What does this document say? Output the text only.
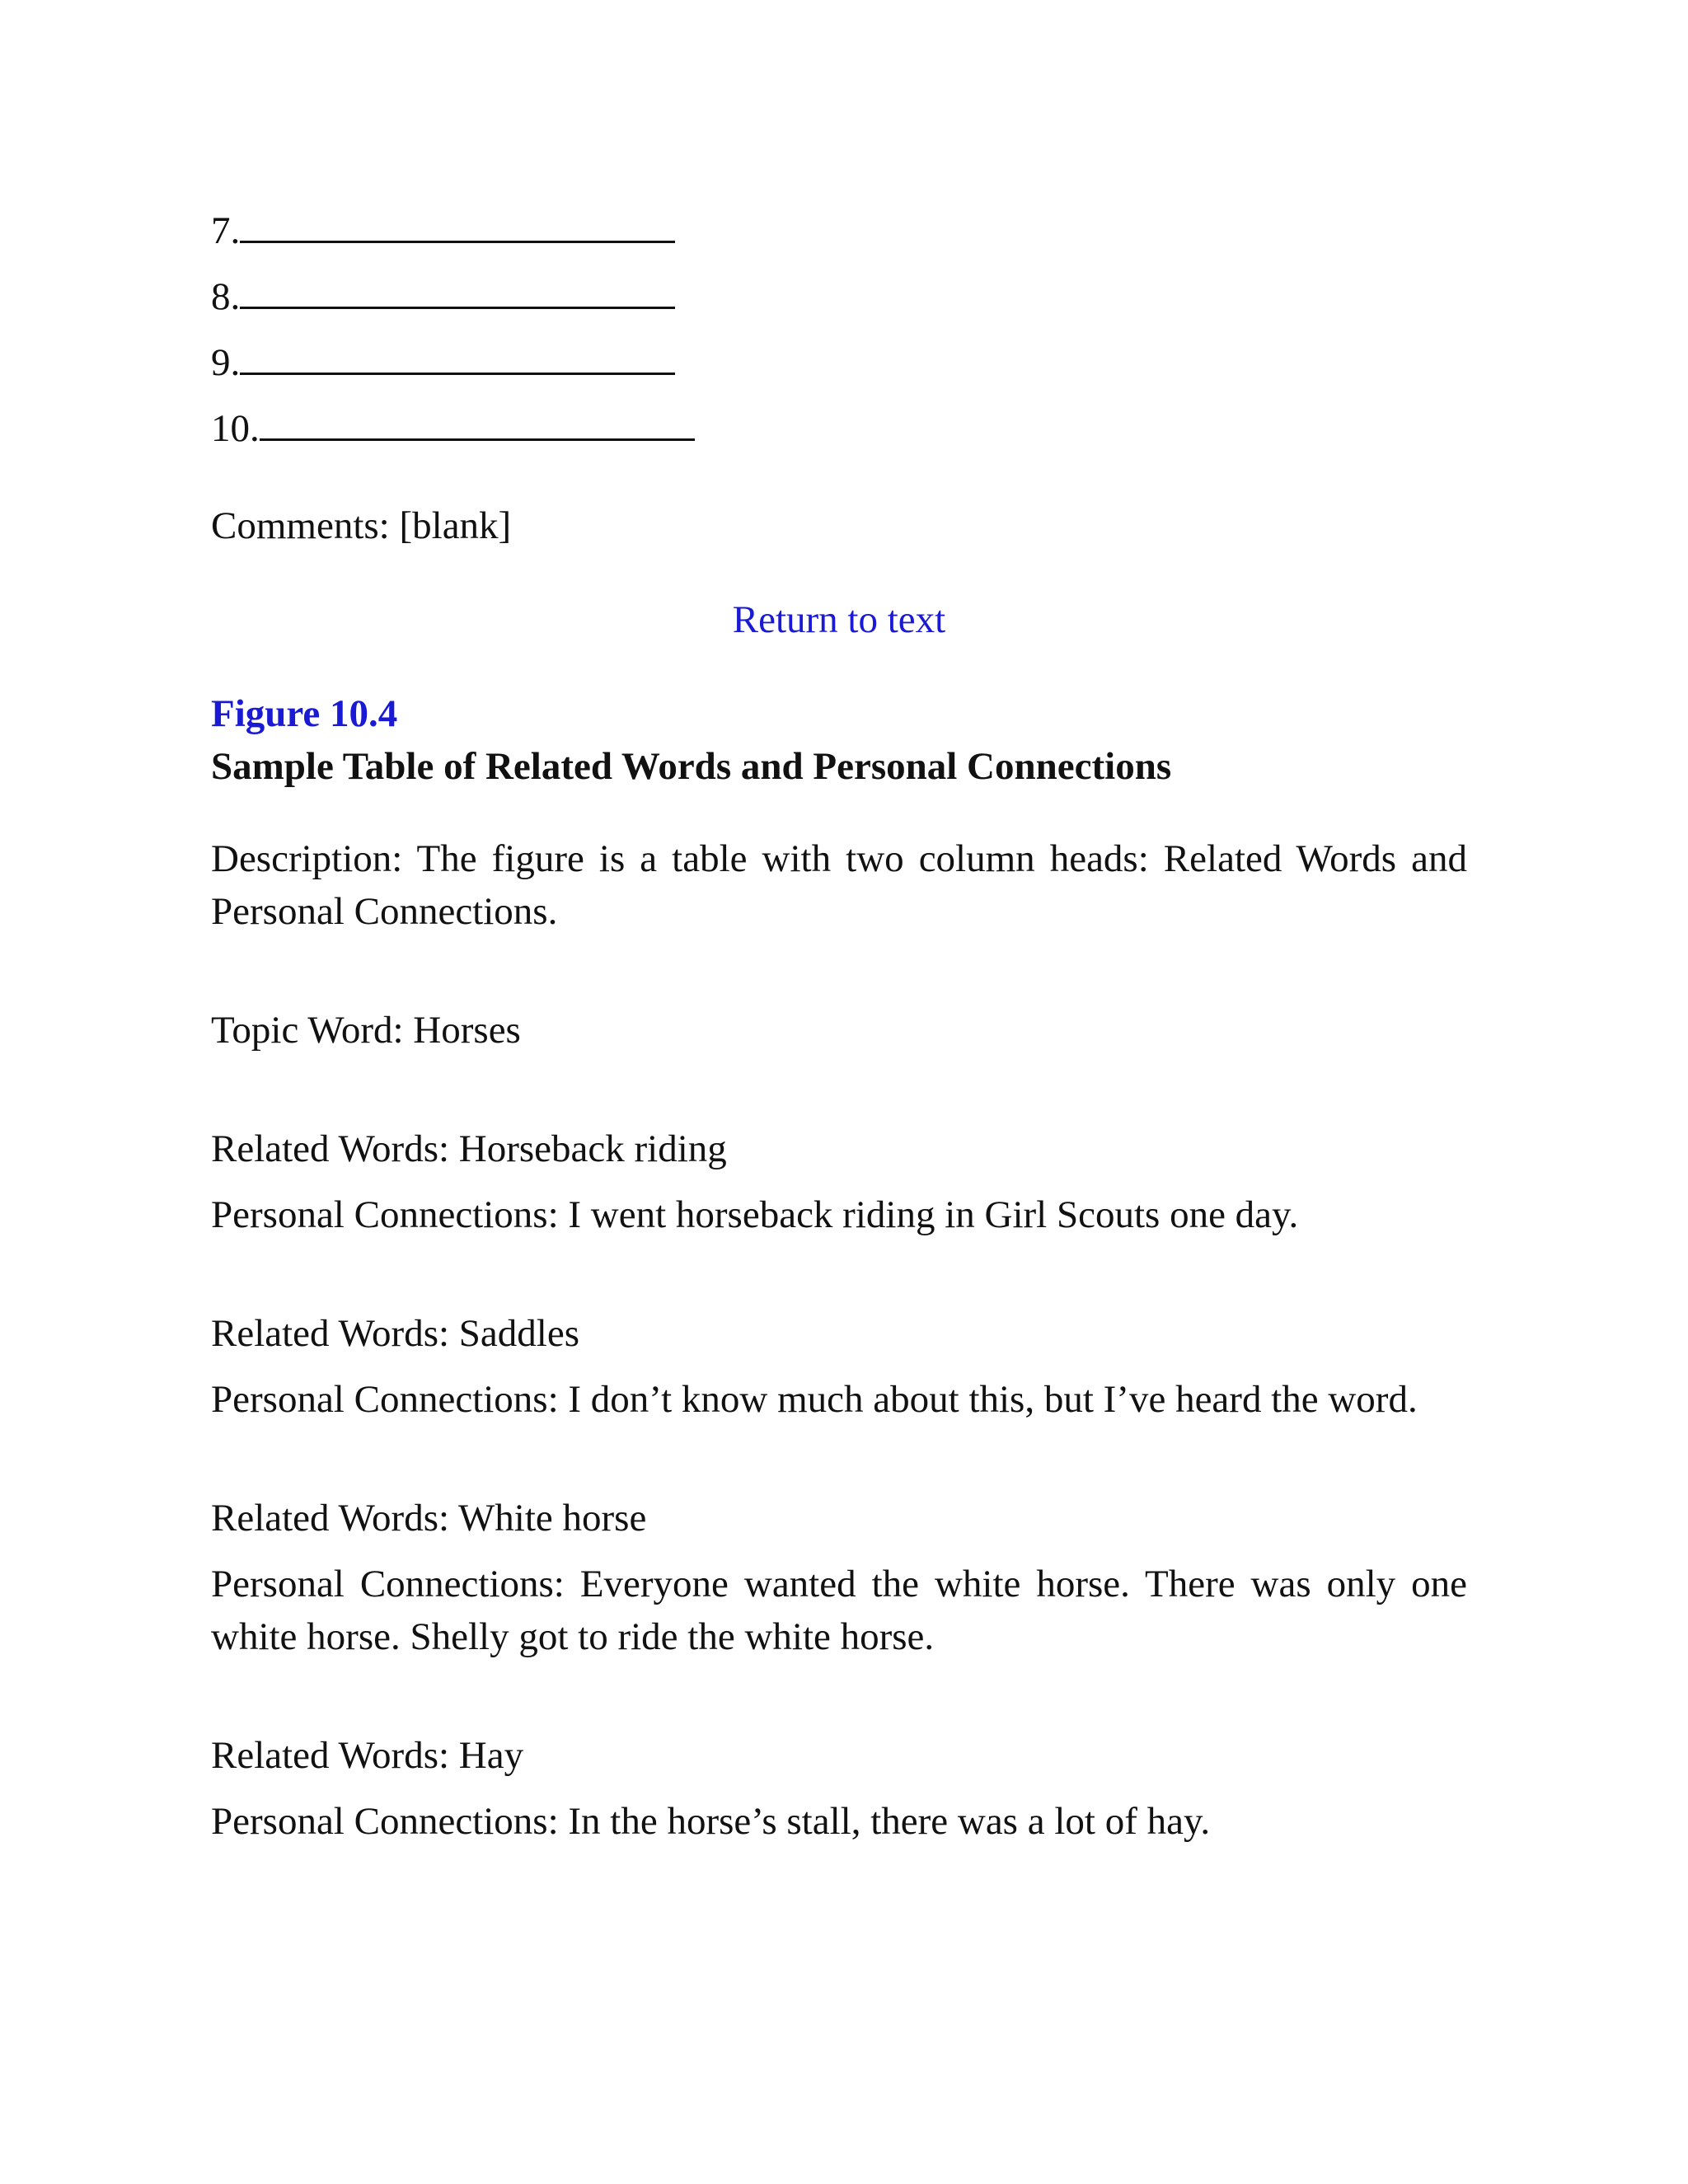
7.
8.
9.
10.

Comments: [blank]

Return to text
Figure 10.4
Sample Table of Related Words and Personal Connections

Description: The figure is a table with two column heads: Related Words and Personal Connections.

Topic Word: Horses

Related Words: Horseback riding

Personal Connections: I went horseback riding in Girl Scouts one day.

Related Words: Saddles

Personal Connections: I don’t know much about this, but I’ve heard the word.

Related Words: White horse

Personal Connections: Everyone wanted the white horse. There was only one white horse. Shelly got to ride the white horse.

Related Words: Hay

Personal Connections: In the horse’s stall, there was a lot of hay.
